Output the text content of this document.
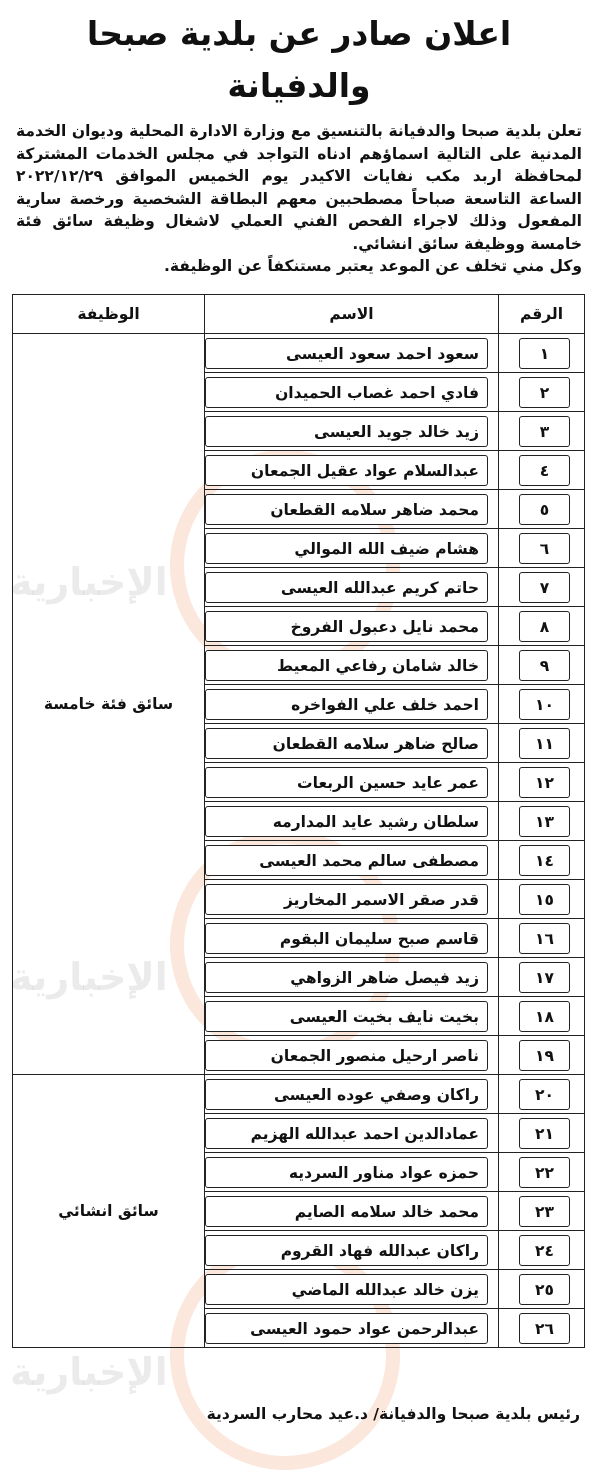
الإخبارية
الإخبارية
الإخبارية
اعلان صادر عن بلدية صبحا والدفيانة

تعلن بلدية صبحا والدفيانة بالتنسيق مع وزارة الادارة المحلية وديوان الخدمة المدنية على التالية اسماؤهم ادناه التواجد في مجلس الخدمات المشتركة لمحافظة اربد مكب نفايات الاكيدر يوم الخميس الموافق ٢٠٢٢/١٢/٢٩ الساعة التاسعة صباحاً مصطحبين معهم البطاقة الشخصية ورخصة سارية المفعول وذلك لاجراء الفحص الفني العملي لاشغال وظيفة سائق فئة خامسة ووظيفة سائق انشائي.

وكل مني تخلف عن الموعد يعتبر مستنكفاً عن الوظيفة.

الرقم	الاسم	الوظيفة

١	سعود احمد سعود العيسى	سائق فئة خامسة

٢	فادي احمد غصاب الحميدان	

٣	زيد خالد جويد العيسى	

٤	عبدالسلام عواد عقيل الجمعان	

٥	محمد ضاهر سلامه القطعان	

٦	هشام ضيف الله الموالي	

٧	حاتم كريم عبدالله العيسى	

٨	محمد نايل دعبول الفروخ	

٩	خالد شامان رفاعي المعيط	

١٠	احمد خلف علي الفواخره	

١١	صالح ضاهر سلامه القطعان	

١٢	عمر عايد حسين الربعات	

١٣	سلطان رشيد عايد المدارمه	

١٤	مصطفى سالم محمد العيسى	

١٥	قدر صقر الاسمر المخاريز	

١٦	قاسم صبح سليمان البقوم	

١٧	زيد فيصل ضاهر الزواهي	

١٨	بخيت نايف بخيت العيسى	

١٩	ناصر ارحيل منصور الجمعان	

٢٠	راكان وصفي عوده العيسى	سائق انشائي

٢١	عمادالدين احمد عبدالله الهزيم	

٢٢	حمزه عواد مناور السرديه	

٢٣	محمد خالد سلامه الصايم	

٢٤	راكان عبدالله فهاد القروم	

٢٥	يزن خالد عبدالله الماضي	

٢٦	عبدالرحمن عواد حمود العيسى	
رئيس بلدية صبحا والدفيانة/ د.عيد محارب السردية
